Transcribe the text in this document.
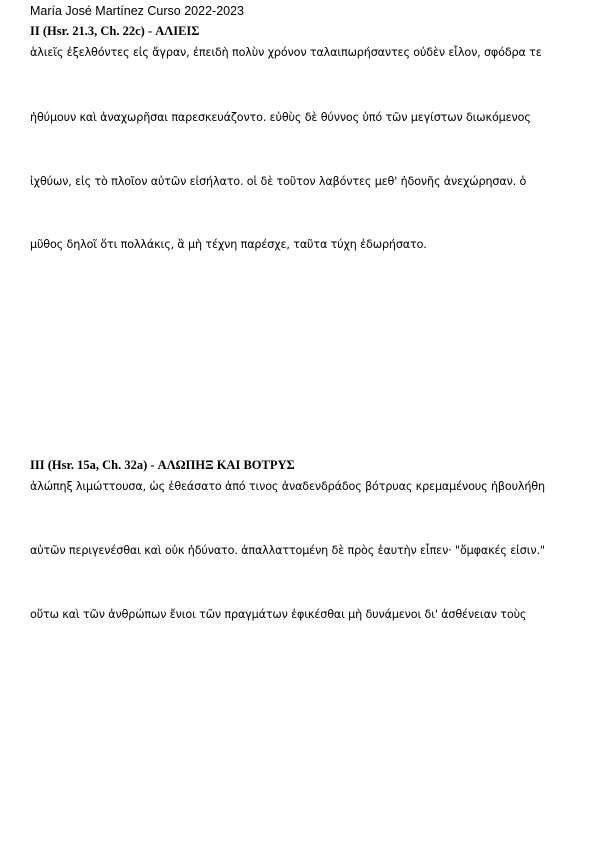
María José Martínez Curso 2022-2023
II (Hsr. 21.3, Ch. 22c) - ΑΛΙΕΙΣ
ἁλιεῖς ἐξελθόντες εἰς ἄγραν, ἐπειδὴ πολὺν χρόνον ταλαιπωρήσαντες οὐδὲν εἷλον, σφόδρα τε
ἠθύμουν καὶ ἀναχωρῆσαι παρεσκευάζοντο. εὐθὺς δὲ θύννος ὑπό τῶν μεγίστων διωκόμενος
ἰχθύων, εἰς τὸ πλοῖον αὐτῶν εἰσήλατο. οἱ δὲ τοῦτον λαβόντες μεθ' ἡδονῆς ἀνεχώρησαν. ὁ
μῦθος δηλοῖ ὅτι πολλάκις, ἃ μὴ τέχνη παρέσχε, ταῦτα τύχη ἐδωρήσατο.
III (Hsr. 15a, Ch. 32a) - ΑΛΩΠΗΞ ΚΑΙ ΒΟΤΡΥΣ
ἀλώπηξ λιμώττουσα, ὡς ἐθεάσατο ἀπό τινος ἀναδενδράδος βότρυας κρεμαμένους ἠβουλήθη
αὐτῶν περιγενέσθαι καὶ οὐκ ἠδύνατο. ἀπαλλαττομένη δὲ πρὸς ἑαυτὴν εἶπεν· "ὄμφακές εἰσιν."
οὕτω καὶ τῶν ἀνθρώπων ἔνιοι τῶν πραγμάτων ἐφικέσθαι μὴ δυνάμενοι δι' ἀσθένειαν τοὺς
